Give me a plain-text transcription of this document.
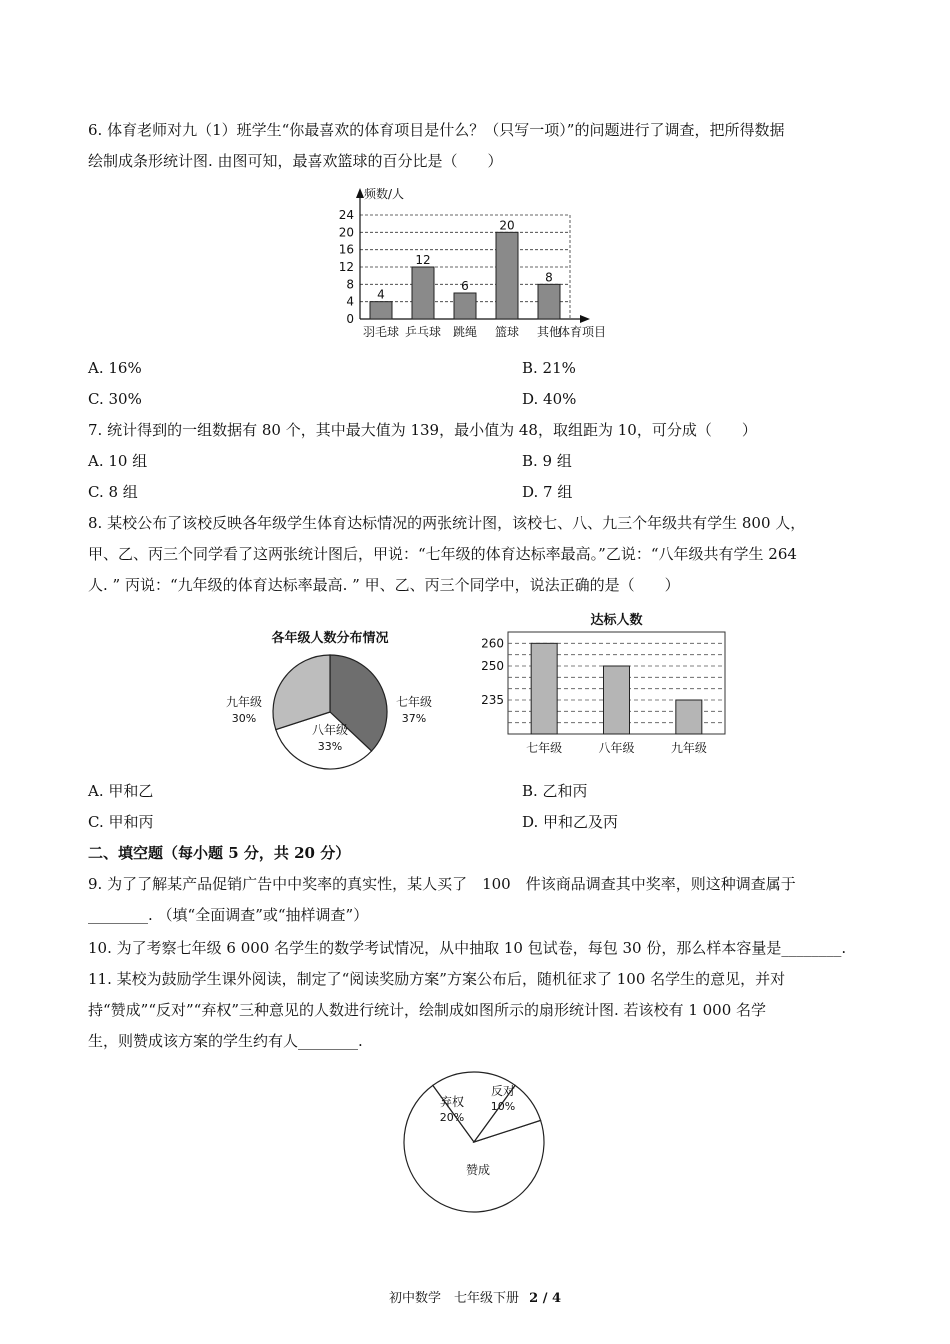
6. 体育老师对九（1）班学生“你最喜欢的体育项目是什么？（只写一项）”的问题进行了调查，把所得数据
绘制成条形统计图. 由图可知，最喜欢篮球的百分比是（　　）
0
4
8
12
16
20
24
频数/人
4
羽毛球
12
乒乓球
6
跳绳
20
篮球
8
其他
体育项目
A. 16%	B. 21%
C. 30%	D. 40%
7. 统计得到的一组数据有 80 个，其中最大值为 139，最小值为 48，取组距为 10，可分成（　　）
A. 10 组	B. 9 组
C. 8 组	D. 7 组
8. 某校公布了该校反映各年级学生体育达标情况的两张统计图，该校七、八、九三个年级共有学生 800 人，
甲、乙、丙三个同学看了这两张统计图后，甲说：“七年级的体育达标率最高。”乙说：“八年级共有学生 264
人. ” 丙说：“九年级的体育达标率最高. ” 甲、乙、丙三个同学中，说法正确的是（　　）
各年级人数分布情况
七年级
37%
八年级
33%
九年级
30%
达标人数
235
250
260
七年级	八年级	九年级
A. 甲和乙	B. 乙和丙
C. 甲和丙	D. 甲和乙及丙
二、填空题（每小题 5 分，共 20 分）
9. 为了了解某产品促销广告中中奖率的真实性，某人买了　100　件该商品调查其中奖率，则这种调查属于
________. （填“全面调查”或“抽样调查”）
10. 为了考察七年级 6 000 名学生的数学考试情况，从中抽取 10 包试卷，每包 30 份，那么样本容量是________.
11. 某校为鼓励学生课外阅读，制定了“阅读奖励方案”方案公布后，随机征求了 100 名学生的意见，并对
持“赞成”“反对”“弃权”三种意见的人数进行统计，绘制成如图所示的扇形统计图. 若该校有 1 000 名学
生，则赞成该方案的学生约有人________.
赞成
弃权
20%
反对
10%
初中数学　七年级下册 2 / 4
